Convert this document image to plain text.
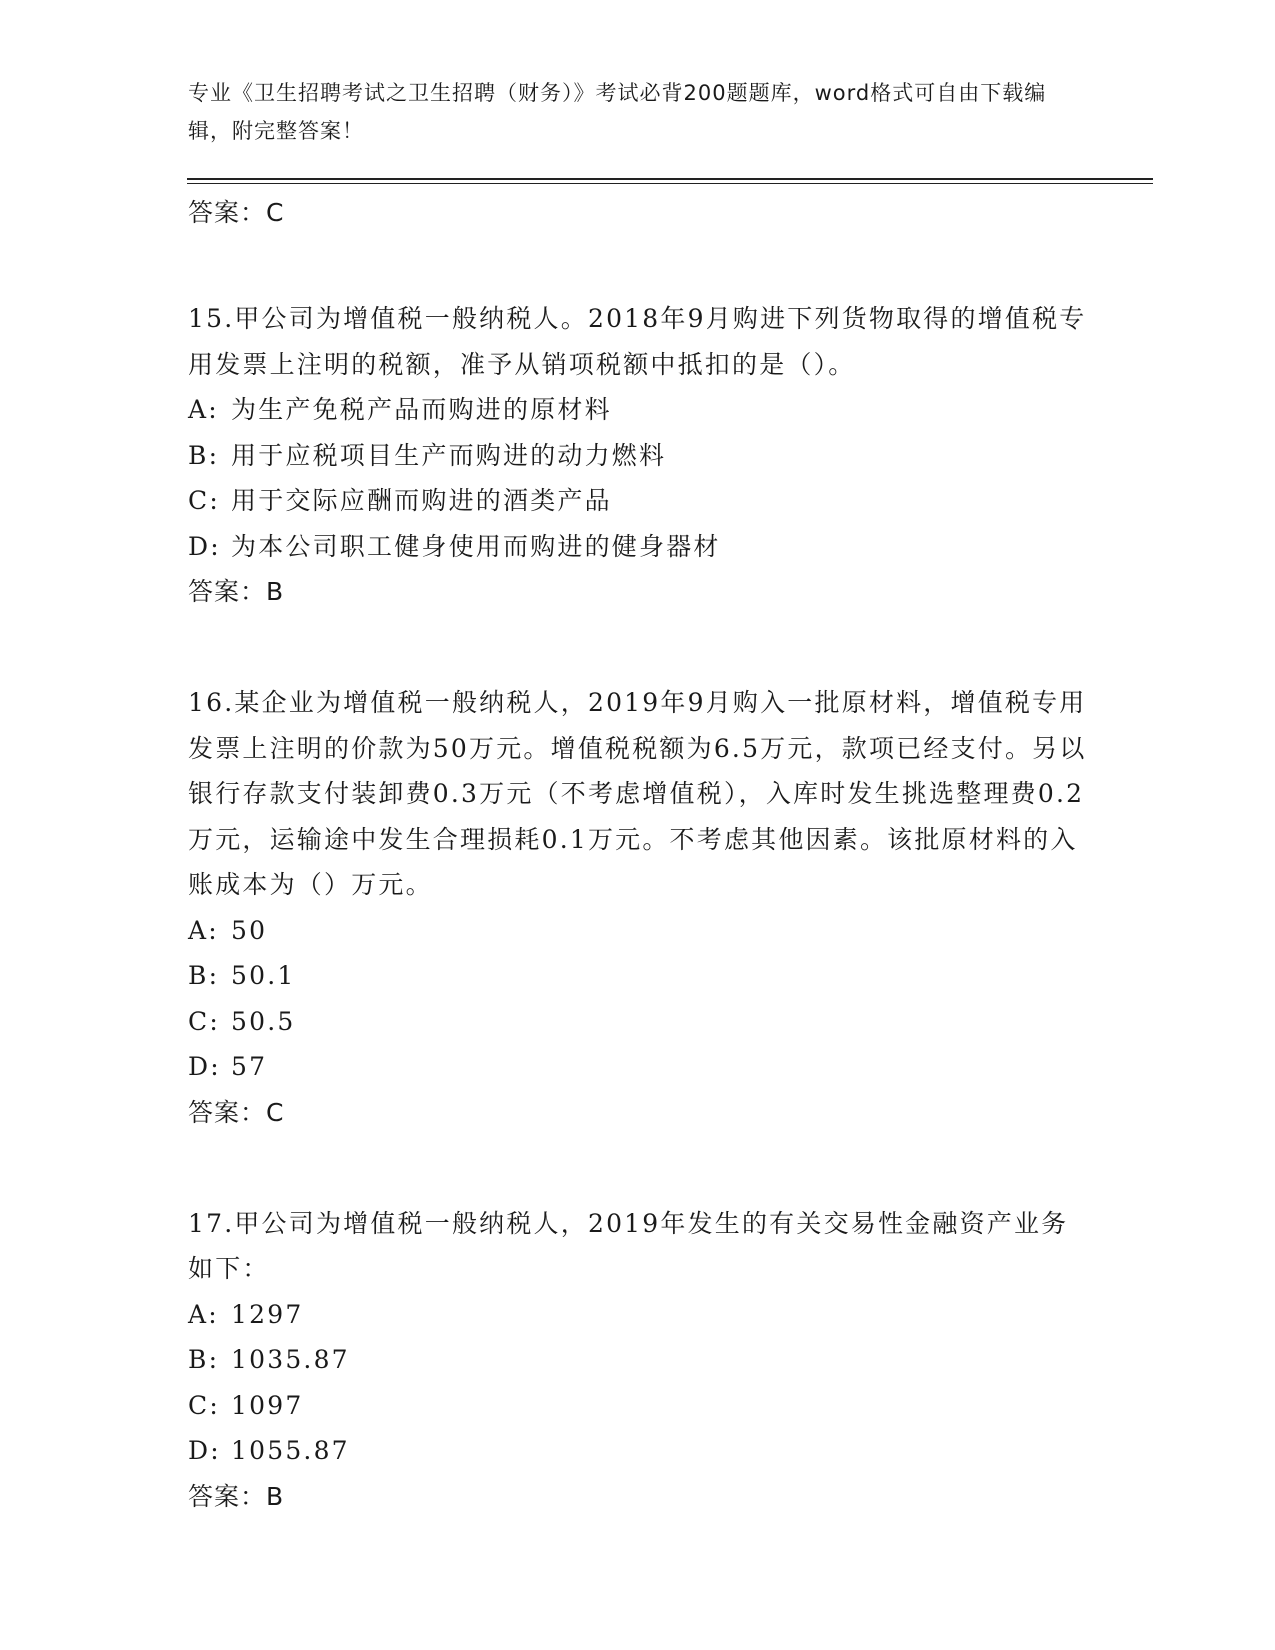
专业《卫生招聘考试之卫生招聘（财务）》考试必背200题题库，word格式可自由下载编辑，附完整答案！
答案：C

15.甲公司为增值税一般纳税人。2018年9月购进下列货物取得的增值税专用发票上注明的税额，准予从销项税额中抵扣的是（）。

A: 为生产免税产品而购进的原材料
B: 用于应税项目生产而购进的动力燃料
C: 用于交际应酬而购进的酒类产品
D: 为本公司职工健身使用而购进的健身器材
答案：B

16.某企业为增值税一般纳税人，2019年9月购入一批原材料，增值税专用发票上注明的价款为50万元。增值税税额为6.5万元，款项已经支付。另以银行存款支付装卸费0.3万元（不考虑增值税），入库时发生挑选整理费0.2万元，运输途中发生合理损耗0.1万元。不考虑其他因素。该批原材料的入账成本为（）万元。

A: 50
B: 50.1
C: 50.5
D: 57
答案：C

17.甲公司为增值税一般纳税人，2019年发生的有关交易性金融资产业务如下：

A: 1297
B: 1035.87
C: 1097
D: 1055.87
答案：B
